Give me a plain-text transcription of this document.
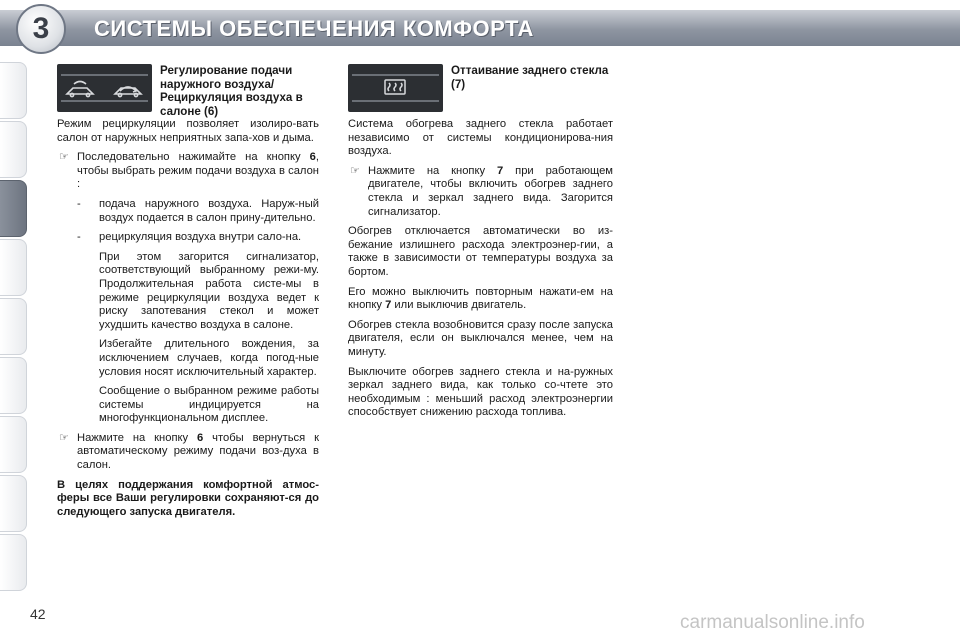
3	СИСТЕМЫ ОБЕСПЕЧЕНИЯ КОМФОРТА
Регулирование подачи наружного воздуха/ Рециркуляция воздуха в салоне (6)

Режим рециркуляции позволяет изолиро-вать салон от наружных неприятных запа-хов и дыма.

☞ Последовательно нажимайте на кнопку 6, чтобы выбрать режим подачи воздуха в салон :
- подача наружного воздуха. Наруж-ный воздух подается в салон прину-дительно.
- рециркуляция воздуха внутри сало-на.
При этом загорится сигнализатор, соответствующий выбранному режи-му. Продолжительная работа систе-мы в режиме рециркуляции воздуха ведет к риску запотевания стекол и может ухудшить качество воздуха в салоне.
Избегайте длительного вождения, за исключением случаев, когда погод-ные условия носят исключительный характер.
Сообщение о выбранном режиме работы системы индицируется на многофункциональном дисплее.
☞ Нажмите на кнопку 6 чтобы вернуться к автоматическому режиму подачи воз-духа в салон.

В целях поддержания комфортной атмос-феры все Ваши регулировки сохраняют-ся до следующего запуска двигателя.

Оттаивание заднего стекла (7)

Система обогрева заднего стекла работает независимо от системы кондиционирова-ния воздуха.

☞ Нажмите на кнопку 7 при работающем двигателе, чтобы включить обогрев заднего стекла и зеркал заднего вида. Загорится сигнализатор.

Обогрев отключается автоматически во из-бежание излишнего расхода электроэнер-гии, а также в зависимости от температуры воздуха за бортом.

Его можно выключить повторным нажати-ем на кнопку 7 или выключив двигатель.

Обогрев стекла возобновится сразу после запуска двигателя, если он выключался менее, чем на минуту.

Выключите обогрев заднего стекла и на-ружных зеркал заднего вида, как только со-чтете это необходимым : меньший расход электроэнергии способствует снижению расхода топлива.

42	carmanualsonline.info
